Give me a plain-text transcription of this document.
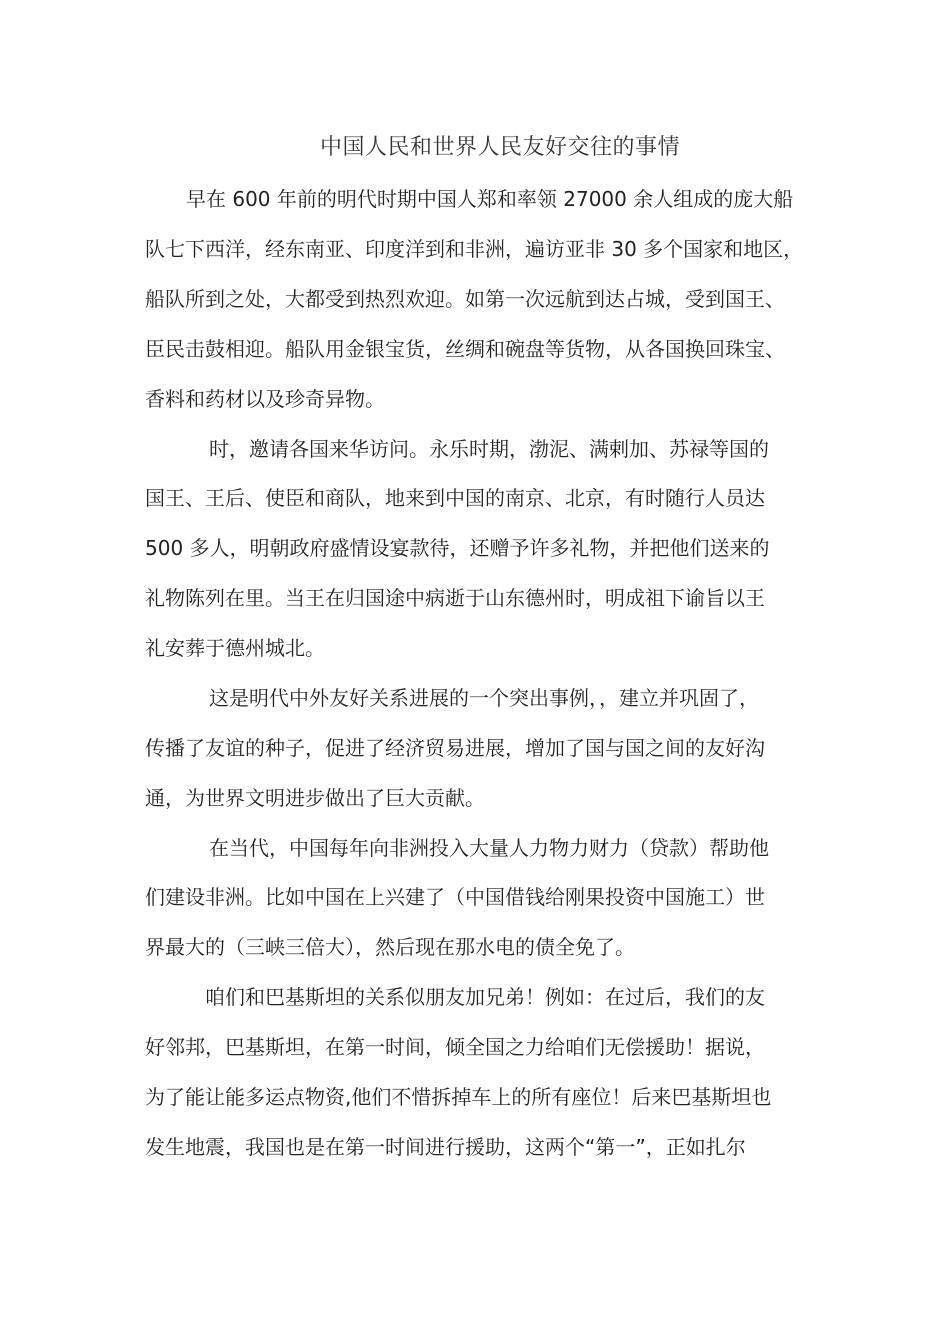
中国人民和世界人民友好交往的事情
早在 600 年前的明代时期中国人郑和率领 27000 余人组成的庞大船
队七下西洋，经东南亚、印度洋到和非洲，遍访亚非 30 多个国家和地区，
船队所到之处，大都受到热烈欢迎。如第一次远航到达占城，受到国王、
臣民击鼓相迎。船队用金银宝货，丝绸和碗盘等货物，从各国换回珠宝、
香料和药材以及珍奇异物。
时，邀请各国来华访问。永乐时期，渤泥、满剌加、苏禄等国的
国王、王后、使臣和商队，地来到中国的南京、北京，有时随行人员达
500 多人，明朝政府盛情设宴款待，还赠予许多礼物，并把他们送来的
礼物陈列在里。当王在归国途中病逝于山东德州时，明成祖下谕旨以王
礼安葬于德州城北。
这是明代中外友好关系进展的一个突出事例，，建立并巩固了，
传播了友谊的种子，促进了经济贸易进展，增加了国与国之间的友好沟
通，为世界文明进步做出了巨大贡献。
在当代，中国每年向非洲投入大量人力物力财力（贷款）帮助他
们建设非洲。比如中国在上兴建了（中国借钱给刚果投资中国施工）世
界最大的（三峡三倍大），然后现在那水电的债全免了。
咱们和巴基斯坦的关系似朋友加兄弟！例如：在过后，我们的友
好邻邦，巴基斯坦，在第一时间，倾全国之力给咱们无偿援助！据说，
为了能让能多运点物资,他们不惜拆掉车上的所有座位！后来巴基斯坦也
发生地震，我国也是在第一时间进行援助，这两个“第一”，正如扎尔
